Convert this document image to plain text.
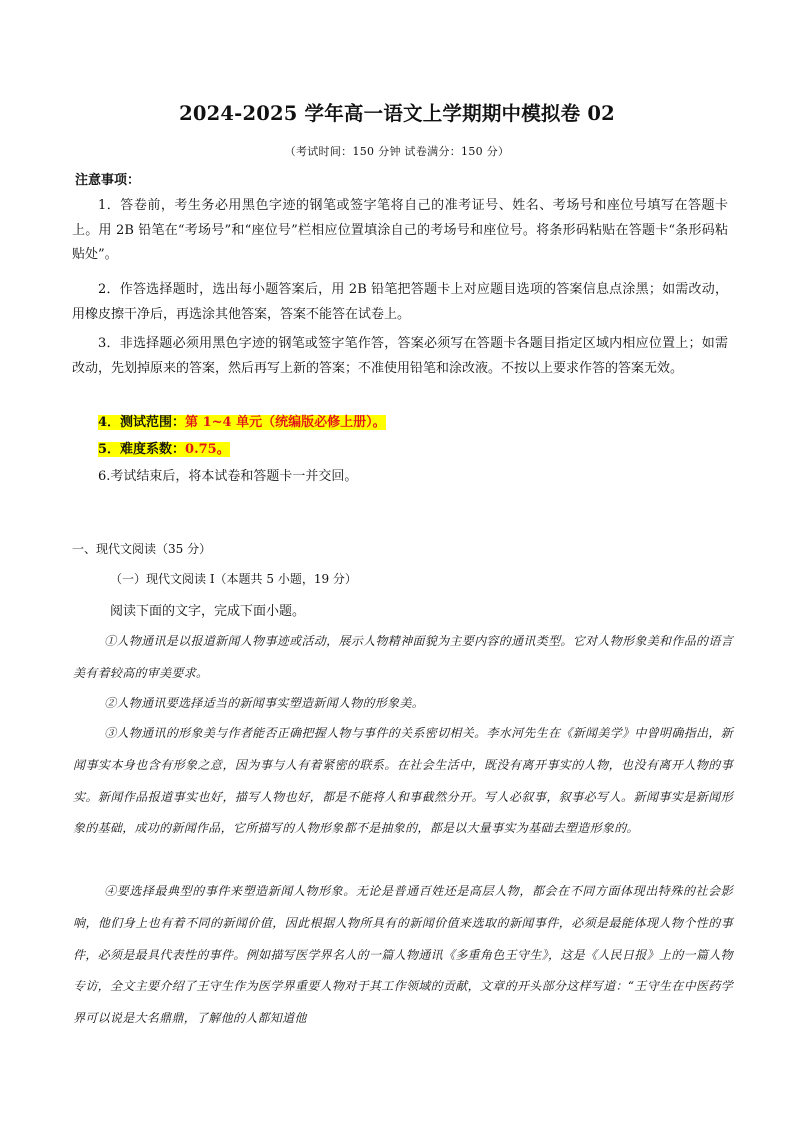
2024-2025 学年高一语文上学期期中模拟卷 02
（考试时间：150 分钟 试卷满分：150 分）
注意事项：
1．答卷前，考生务必用黑色字迹的钢笔或签字笔将自己的准考证号、姓名、考场号和座位号填写在答题卡上。用 2B 铅笔在“考场号”和“座位号”栏相应位置填涂自己的考场号和座位号。将条形码粘贴在答题卡“条形码粘贴处”。
2．作答选择题时，选出每小题答案后，用 2B 铅笔把答题卡上对应题目选项的答案信息点涂黑；如需改动，用橡皮擦干净后，再选涂其他答案，答案不能答在试卷上。
3．非选择题必须用黑色字迹的钢笔或签字笔作答，答案必须写在答题卡各题目指定区域内相应位置上；如需改动，先划掉原来的答案，然后再写上新的答案；不准使用铅笔和涂改液。不按以上要求作答的答案无效。
4．测试范围：第 1~4 单元（统编版必修上册）。
5．难度系数：0.75。
6.考试结束后，将本试卷和答题卡一并交回。
一、现代文阅读（35 分）
（一）现代文阅读 I（本题共 5 小题，19 分）
阅读下面的文字，完成下面小题。
①人物通讯是以报道新闻人物事迹或活动，展示人物精神面貌为主要内容的通讯类型。它对人物形象美和作品的语言美有着较高的审美要求。
②人物通讯要选择适当的新闻事实塑造新闻人物的形象美。
③人物通讯的形象美与作者能否正确把握人物与事件的关系密切相关。李水河先生在《新闻美学》中曾明确指出，新闻事实本身也含有形象之意，因为事与人有着紧密的联系。在社会生活中，既没有离开事实的人物，也没有离开人物的事实。新闻作品报道事实也好，描写人物也好，都是不能将人和事截然分开。写人必叙事，叙事必写人。新闻事实是新闻形象的基础，成功的新闻作品，它所描写的人物形象都不是抽象的，都是以大量事实为基础去塑造形象的。
④要选择最典型的事件来塑造新闻人物形象。无论是普通百姓还是高层人物，都会在不同方面体现出特殊的社会影响，他们身上也有着不同的新闻价值，因此根据人物所具有的新闻价值来选取的新闻事件，必须是最能体现人物个性的事件，必须是最具代表性的事件。例如描写医学界名人的一篇人物通讯《多重角色王守生》，这是《人民日报》上的一篇人物专访，全文主要介绍了王守生作为医学界重要人物对于其工作领域的贡献，文章的开头部分这样写道：“王守生在中医药学界可以说是大名鼎鼎，了解他的人都知道他
